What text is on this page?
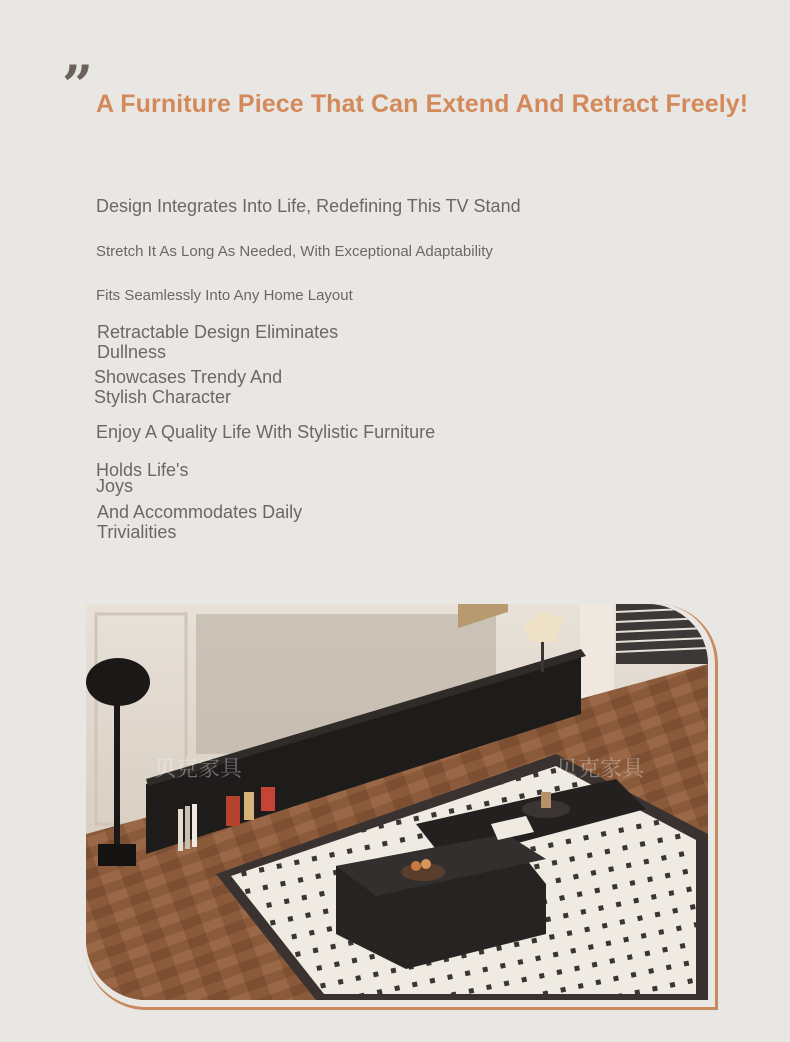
” A Furniture Piece That Can Extend And Retract Freely!
Design Integrates Into Life, Redefining This TV Stand
Stretch It As Long As Needed, With Exceptional Adaptability
Fits Seamlessly Into Any Home Layout
Retractable Design Eliminates
Dullness
Showcases Trendy And
Stylish Character
Enjoy A Quality Life With Stylistic Furniture
Holds Life's
Joys
And Accommodates Daily
Trivialities
贝克家具	贝克家具
